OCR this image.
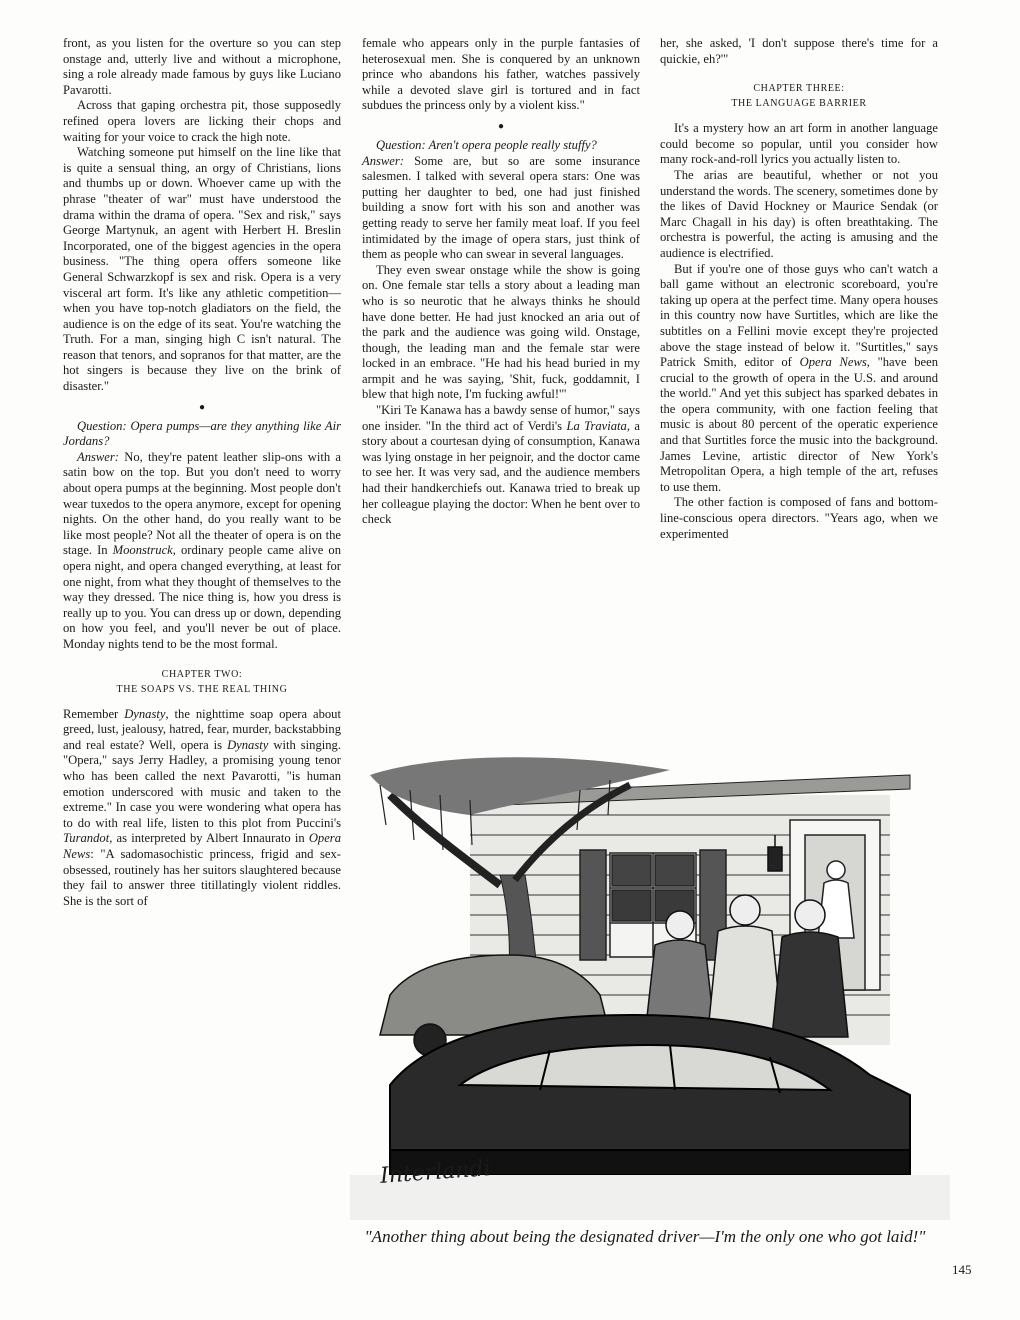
front, as you listen for the overture so you can step onstage and, utterly live and without a microphone, sing a role already made famous by guys like Luciano Pavarotti.

Across that gaping orchestra pit, those supposedly refined opera lovers are licking their chops and waiting for your voice to crack the high note.

Watching someone put himself on the line like that is quite a sensual thing, an orgy of Christians, lions and thumbs up or down. Whoever came up with the phrase "theater of war" must have understood the drama within the drama of opera. "Sex and risk," says George Martynuk, an agent with Herbert H. Breslin Incorporated, one of the biggest agencies in the opera business. "The thing opera offers someone like General Schwarzkopf is sex and risk. Opera is a very visceral art form. It's like any athletic competition—when you have top-notch gladiators on the field, the audience is on the edge of its seat. You're watching the Truth. For a man, singing high C isn't natural. The reason that tenors, and sopranos for that matter, are the hot singers is because they live on the brink of disaster."

●

Question: Opera pumps—are they anything like Air Jordans?

Answer: No, they're patent leather slip-ons with a satin bow on the top. But you don't need to worry about opera pumps at the beginning. Most people don't wear tuxedos to the opera anymore, except for opening nights. On the other hand, do you really want to be like most people? Not all the theater of opera is on the stage. In Moonstruck, ordinary people came alive on opera night, and opera changed everything, at least for one night, from what they thought of themselves to the way they dressed. The nice thing is, how you dress is really up to you. You can dress up or down, depending on how you feel, and you'll never be out of place. Monday nights tend to be the most formal.

CHAPTER TWO:
THE SOAPS VS. THE REAL THING

Remember Dynasty, the nighttime soap opera about greed, lust, jealousy, hatred, fear, murder, backstabbing and real estate? Well, opera is Dynasty with singing. "Opera," says Jerry Hadley, a promising young tenor who has been called the next Pavarotti, "is human emotion underscored with music and taken to the extreme." In case you were wondering what opera has to do with real life, listen to this plot from Puccini's Turandot, as interpreted by Albert Innaurato in Opera News: "A sadomasochistic princess, frigid and sex-obsessed, routinely has her suitors slaughtered because they fail to answer three titillatingly violent riddles. She is the sort of

female who appears only in the purple fantasies of heterosexual men. She is conquered by an unknown prince who abandons his father, watches passively while a devoted slave girl is tortured and in fact subdues the princess only by a violent kiss."

●

Question: Aren't opera people really stuffy?

Answer: Some are, but so are some insurance salesmen. I talked with several opera stars: One was putting her daughter to bed, one had just finished building a snow fort with his son and another was getting ready to serve her family meat loaf. If you feel intimidated by the image of opera stars, just think of them as people who can swear in several languages.

They even swear onstage while the show is going on. One female star tells a story about a leading man who is so neurotic that he always thinks he should have done better. He had just knocked an aria out of the park and the audience was going wild. Onstage, though, the leading man and the female star were locked in an embrace. "He had his head buried in my armpit and he was saying, 'Shit, fuck, goddamnit, I blew that high note, I'm fucking awful!'"

"Kiri Te Kanawa has a bawdy sense of humor," says one insider. "In the third act of Verdi's La Traviata, a story about a courtesan dying of consumption, Kanawa was lying onstage in her peignoir, and the doctor came to see her. It was very sad, and the audience members had their handkerchiefs out. Kanawa tried to break up her colleague playing the doctor: When he bent over to check

her, she asked, 'I don't suppose there's time for a quickie, eh?'"

CHAPTER THREE:
THE LANGUAGE BARRIER

It's a mystery how an art form in another language could become so popular, until you consider how many rock-and-roll lyrics you actually listen to.

The arias are beautiful, whether or not you understand the words. The scenery, sometimes done by the likes of David Hockney or Maurice Sendak (or Marc Chagall in his day) is often breathtaking. The orchestra is powerful, the acting is amusing and the audience is electrified.

But if you're one of those guys who can't watch a ball game without an electronic scoreboard, you're taking up opera at the perfect time. Many opera houses in this country now have Surtitles, which are like the subtitles on a Fellini movie except they're projected above the stage instead of below it. "Surtitles," says Patrick Smith, editor of Opera News, "have been crucial to the growth of opera in the U.S. and around the world." And yet this subject has sparked debates in the opera community, with one faction feeling that music is about 80 percent of the operatic experience and that Surtitles force the music into the background. James Levine, artistic director of New York's Metropolitan Opera, a high temple of the art, refuses to use them.

The other faction is composed of fans and bottom-line-conscious opera directors. "Years ago, when we experimented

Interlandi
"Another thing about being the designated driver—I'm the only one who got laid!"
145
